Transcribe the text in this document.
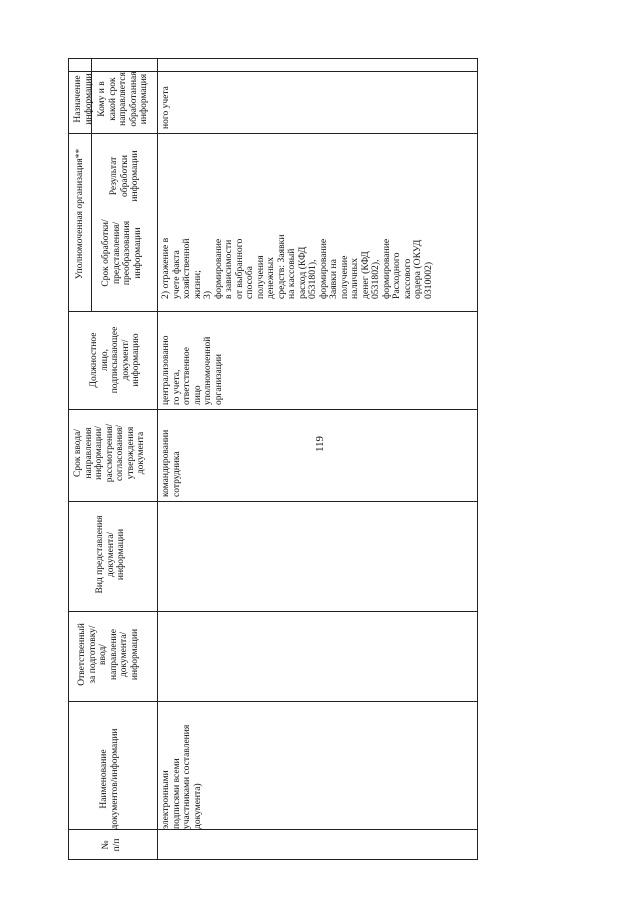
119
№
п/п
Наименование
документов/информации
Ответственный
за подготовку/
ввод/
направление
документа/
информации
Вид представления
документа/
информации
Срок ввода/
направления
информации/
рассмотрения/
согласования/
утверждения
документа
Должностное
лицо,
подписывающее
документ/
информацию
Уполномоченная организация** Срок обработки/
представления/
преобразования
информации
Результат
обработки
информации
Назначение
информации Кому и в
какой срок
направляется
обработанная
информация
электронными
подписями всеми
участниками составления
документа)
командировании
сотрудника
централизованно
го учета,
ответственное
лицо
уполномоченной
организации
2) отражение в
учете факта
хозяйственной
жизни;
3)
формирование
в зависимости
от выбранного
способа
получения
денежных
средств: Заявки
на кассовый
расход (КФД
0531801),
формирование
Заявки на
получение
наличных
денег (КФД
0531802),
формирование
Расходного
кассового
ордера (ОКУД
0310002)
ного учета
